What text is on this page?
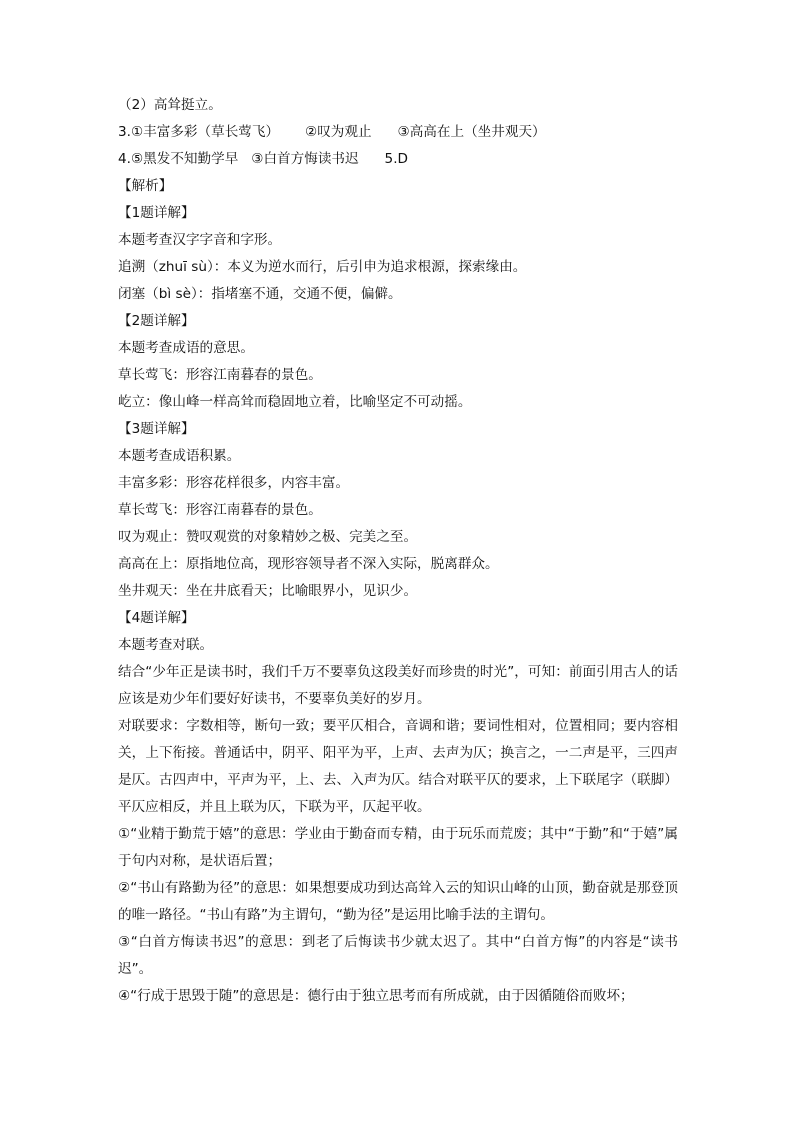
（2）高耸挺立。
3.①丰富多彩（草长莺飞）      ②叹为观止      ③高高在上（坐井观天）
4.⑤黑发不知勤学早   ③白首方悔读书迟      5.D
【解析】
【1题详解】
本题考查汉字字音和字形。
追溯（zhuī sù）：本义为逆水而行，后引申为追求根源，探索缘由。
闭塞（bì sè）：指堵塞不通，交通不便，偏僻。
【2题详解】
本题考查成语的意思。
草长莺飞：形容江南暮春的景色。
屹立：像山峰一样高耸而稳固地立着，比喻坚定不可动摇。
【3题详解】
本题考查成语积累。
丰富多彩：形容花样很多，内容丰富。
草长莺飞：形容江南暮春的景色。
叹为观止：赞叹观赏的对象精妙之极、完美之至。
高高在上：原指地位高，现形容领导者不深入实际，脱离群众。
坐井观天：坐在井底看天；比喻眼界小，见识少。
【4题详解】
本题考查对联。
结合“少年正是读书时，我们千万不要辜负这段美好而珍贵的时光”，可知：前面引用古人的话应该是劝少年们要好好读书，不要辜负美好的岁月。
对联要求：字数相等，断句一致；要平仄相合，音调和谐；要词性相对，位置相同；要内容相关，上下衔接。普通话中，阴平、阳平为平，上声、去声为仄；换言之，一二声是平，三四声是仄。古四声中，平声为平，上、去、入声为仄。结合对联平仄的要求，上下联尾字（联脚）平仄应相反，并且上联为仄，下联为平，仄起平收。
①“业精于勤荒于嬉”的意思：学业由于勤奋而专精，由于玩乐而荒废；其中“于勤”和“于嬉”属于句内对称，是状语后置；
②“书山有路勤为径”的意思：如果想要成功到达高耸入云的知识山峰的山顶，勤奋就是那登顶的唯一路径。“书山有路”为主谓句，“勤为径”是运用比喻手法的主谓句。
③“白首方悔读书迟”的意思：到老了后悔读书少就太迟了。其中“白首方悔”的内容是“读书迟”。
④“行成于思毁于随”的意思是：德行由于独立思考而有所成就，由于因循随俗而败坏；
